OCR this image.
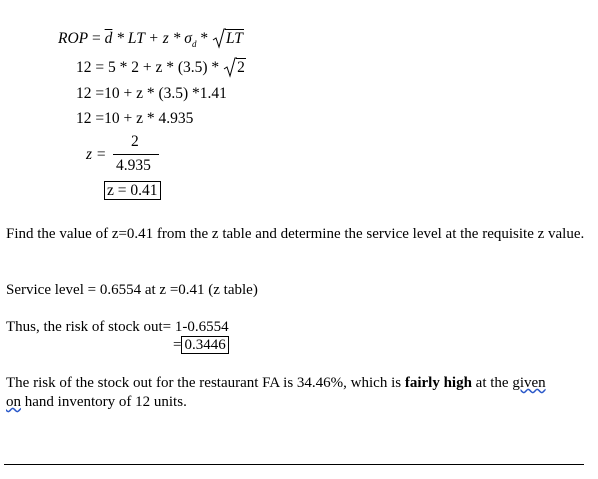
ROP = $\overline{d}$ * LT + z * $\sigma_d$ *
LT
12 = 5 * 2 + z * (3.5) *
2
12 =10 + z * (3.5) *1.41
12 =10 + z * 4.935
z =
2
4.935
z = 0.41
Find the value of z=0.41 from the z table and determine the service level at the requisite z value.
Service level = 0.6554 at z =0.41 (z table)
Thus, the risk of stock out= 1-0.6554
= 0.3446
The risk of the stock out for the restaurant FA is 34.46%, which is fairly high at the given
on hand inventory of 12 units.
